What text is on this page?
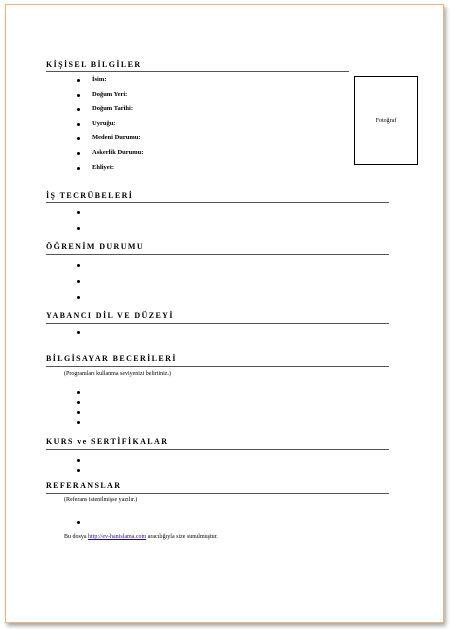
KİŞİSEL BİLGİLER
İsim:
Doğum Yeri:
Doğum Tarihi:
Uyruğu:
Medeni Durumu:
Askerlik Durumu:
Ehliyet:
Fotoğraf
İŞ TECRÜBELERİ
ÖĞRENİM DURUMU
YABANCI DİL VE DÜZEYİ
BİLGİSAYAR BECERİLERİ
(Programları kullanma seviyenizi belirtiniz.)
KURS ve SERTİFİKALAR
REFERANSLAR
(Referans istenilmişse yazılır.)
Bu dosya http://ev-hanislama.com aracılığıyla size sunulmuştur.
